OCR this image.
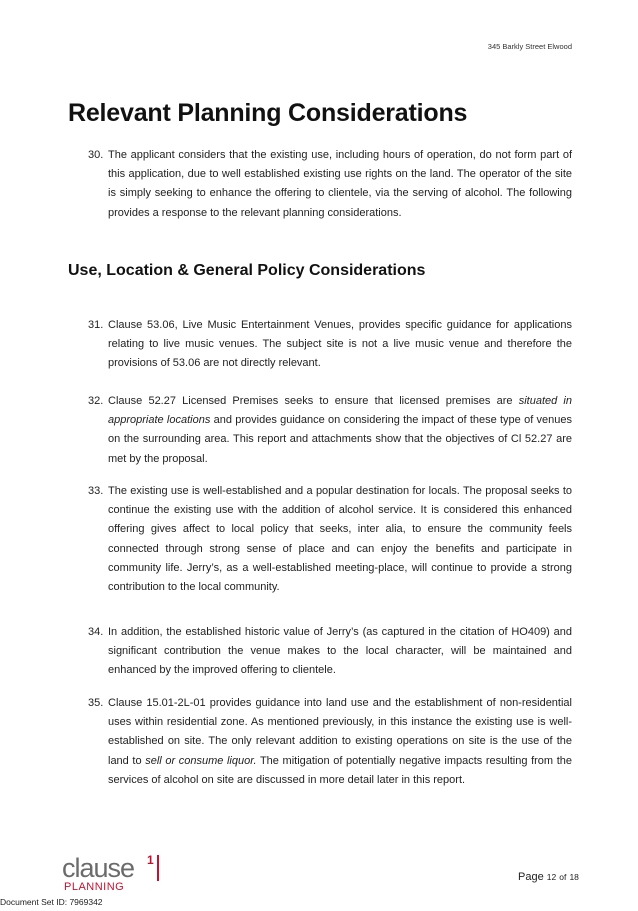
345 Barkly Street Elwood
Relevant Planning Considerations
30. The applicant considers that the existing use, including hours of operation, do not form part of this application, due to well established existing use rights on the land. The operator of the site is simply seeking to enhance the offering to clientele, via the serving of alcohol. The following provides a response to the relevant planning considerations.
Use, Location & General Policy Considerations
31. Clause 53.06, Live Music Entertainment Venues, provides specific guidance for applications relating to live music venues. The subject site is not a live music venue and therefore the provisions of 53.06 are not directly relevant.
32. Clause 52.27 Licensed Premises seeks to ensure that licensed premises are situated in appropriate locations and provides guidance on considering the impact of these type of venues on the surrounding area. This report and attachments show that the objectives of Cl 52.27 are met by the proposal.
33. The existing use is well-established and a popular destination for locals. The proposal seeks to continue the existing use with the addition of alcohol service. It is considered this enhanced offering gives affect to local policy that seeks, inter alia, to ensure the community feels connected through strong sense of place and can enjoy the benefits and participate in community life. Jerry’s, as a well-established meeting-place, will continue to provide a strong contribution to the local community.
34. In addition, the established historic value of Jerry’s (as captured in the citation of HO409) and significant contribution the venue makes to the local character, will be maintained and enhanced by the improved offering to clientele.
35. Clause 15.01-2L-01 provides guidance into land use and the establishment of non-residential uses within residential zone. As mentioned previously, in this instance the existing use is well-established on site. The only relevant addition to existing operations on site is the use of the land to sell or consume liquor. The mitigation of potentially negative impacts resulting from the services of alcohol on site are discussed in more detail later in this report.
clause 1
PLANNING
Page 12 of 18
Document Set ID: 7969342
